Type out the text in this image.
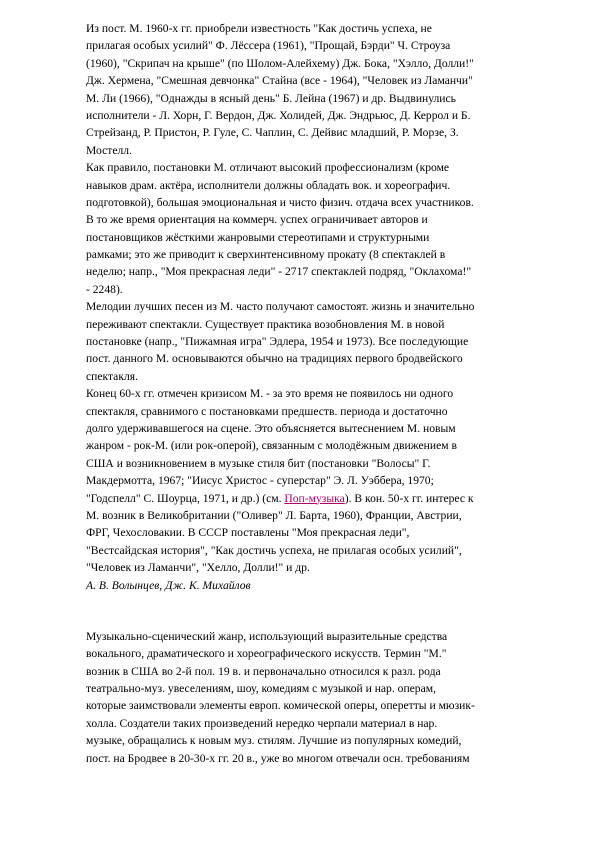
Из пост. М. 1960-х гг. приобрели известность "Как достичь успеха, не
прилагая особых усилий" Ф. Лёссера (1961), "Прощай, Бэрди" Ч. Строуза
(1960), "Скрипач на крыше" (по Шолом-Алейхему) Дж. Бока, "Хэлло, Долли!"
Дж. Хермена, "Смешная девчонка" Стайна (все - 1964), "Человек из Ламанчи"
М. Ли (1966), "Однажды в ясный день" Б. Лейна (1967) и др. Выдвинулись
исполнители - Л. Хорн, Г. Вердон, Дж. Холидей, Дж. Эндрьюс, Д. Керрол и Б.
Стрейзанд, Р. Пристон, Р. Гуле, С. Чаплин, С. Дейвис младший, Р. Морзе, З.
Мостелл.
Как правило, постановки М. отличают высокий профессионализм (кроме
навыков драм. актёра, исполнители должны обладать вок. и хореографич.
подготовкой), большая эмоциональная и чисто физич. отдача всех участников.
В то же время ориентация на коммерч. успех ограничивает авторов и
постановщиков жёсткими жанровыми стереотипами и структурными
рамками; это же приводит к сверхинтенсивному прокату (8 спектаклей в
неделю; напр., "Моя прекрасная леди" - 2717 спектаклей подряд, "Оклахома!"
- 2248).
Мелодии лучших песен из М. часто получают самостоят. жизнь и значительно
переживают спектакли. Существует практика возобновления М. в новой
постановке (напр., "Пижамная игра" Эдлера, 1954 и 1973). Все последующие
пост. данного М. основываются обычно на традициях первого бродвейского
спектакля.
Конец 60-х гг. отмечен кризисом М. - за это время не появилось ни одного
спектакля, сравнимого с постановками предшеств. периода и достаточно
долго удерживавшегося на сцене. Это объясняется вытеснением М. новым
жанром - рок-М. (или рок-оперой), связанным с молодёжным движением в
США и возникновением в музыке стиля бит (постановки "Волосы" Г.
Макдермотта, 1967; "Иисус Христос - суперстар" Э. Л. Уэббера, 1970;
"Годспелл" С. Шоурца, 1971, и др.) (см. Поп-музыка). В кон. 50-х гг. интерес к
М. возник в Великобритании ("Оливер" Л. Барта, 1960), Франции, Австрии,
ФРГ, Чехословакии. В СССР поставлены "Моя прекрасная леди",
"Вестсайдская история", "Как достичь успеха, не прилагая особых усилий",
"Человек из Ламанчи", "Хелло, Долли!" и др.
А. В. Волынцев, Дж. К. Михайлов
Музыкально-сценический жанр, использующий выразительные средства
вокального, драматического и хореографического искусств. Термин "М."
возник в США во 2-й пол. 19 в. и первоначально относился к разл. рода
театрально-муз. увеселениям, шоу, комедиям с музыкой и нар. операм,
которые заимствовали элементы европ. комической оперы, оперетты и мюзик-
холла. Создатели таких произведений нередко черпали материал в нар.
музыке, обращались к новым муз. стилям. Лучшие из популярных комедий,
пост. на Бродвее в 20-30-х гг. 20 в., уже во многом отвечали осн. требованиям
